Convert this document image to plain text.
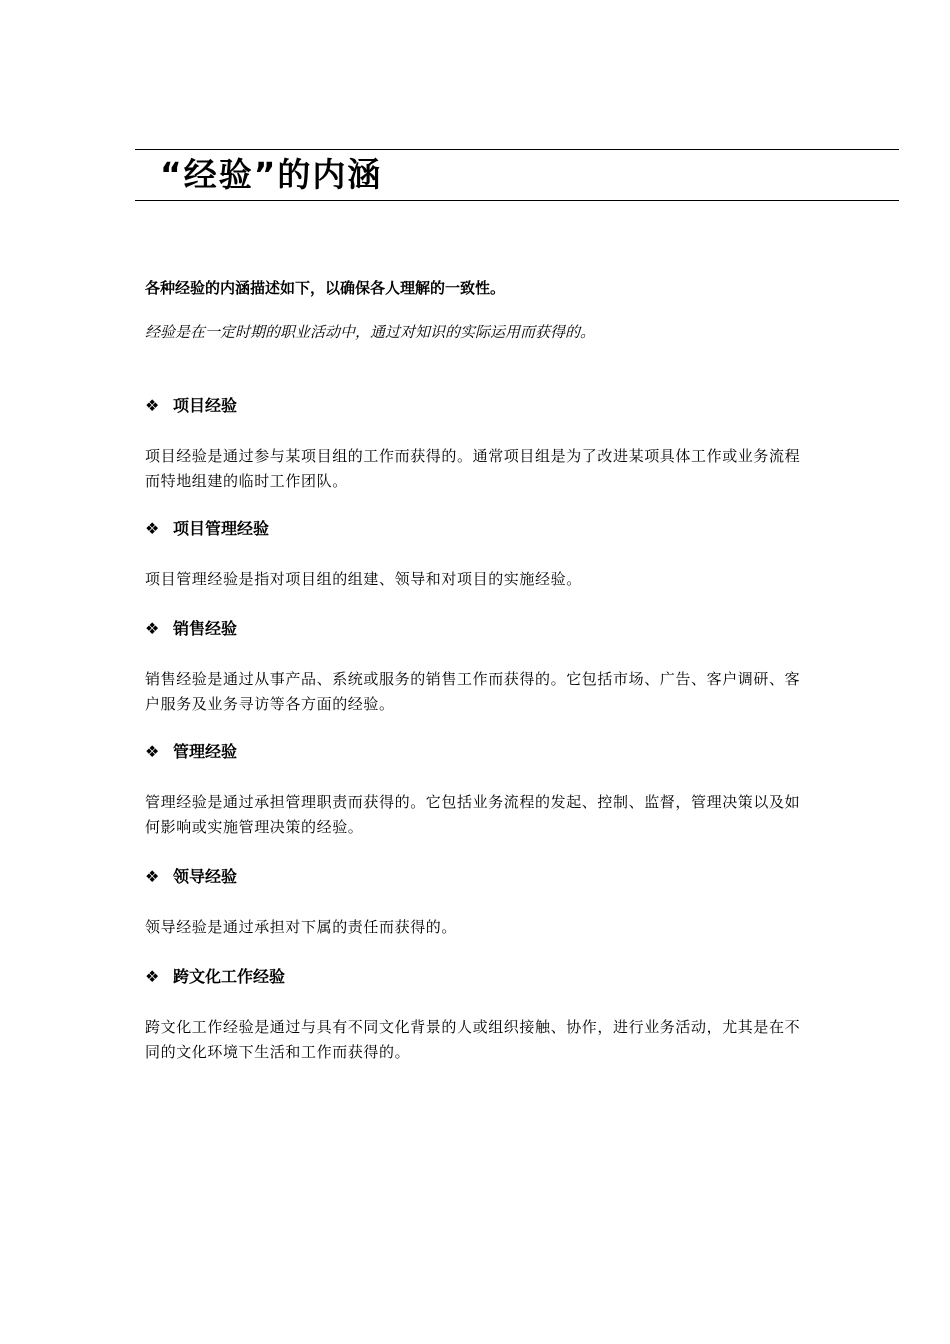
“经验”的内涵

各种经验的内涵描述如下，以确保各人理解的一致性。

经验是在一定时期的职业活动中，通过对知识的实际运用而获得的。

❖ 项目经验

项目经验是通过参与某项目组的工作而获得的。通常项目组是为了改进某项具体工作或业务流程而特地组建的临时工作团队。

❖ 项目管理经验

项目管理经验是指对项目组的组建、领导和对项目的实施经验。

❖ 销售经验

销售经验是通过从事产品、系统或服务的销售工作而获得的。它包括市场、广告、客户调研、客户服务及业务寻访等各方面的经验。

❖ 管理经验

管理经验是通过承担管理职责而获得的。它包括业务流程的发起、控制、监督，管理决策以及如何影响或实施管理决策的经验。

❖ 领导经验

领导经验是通过承担对下属的责任而获得的。

❖ 跨文化工作经验

跨文化工作经验是通过与具有不同文化背景的人或组织接触、协作，进行业务活动，尤其是在不同的文化环境下生活和工作而获得的。
